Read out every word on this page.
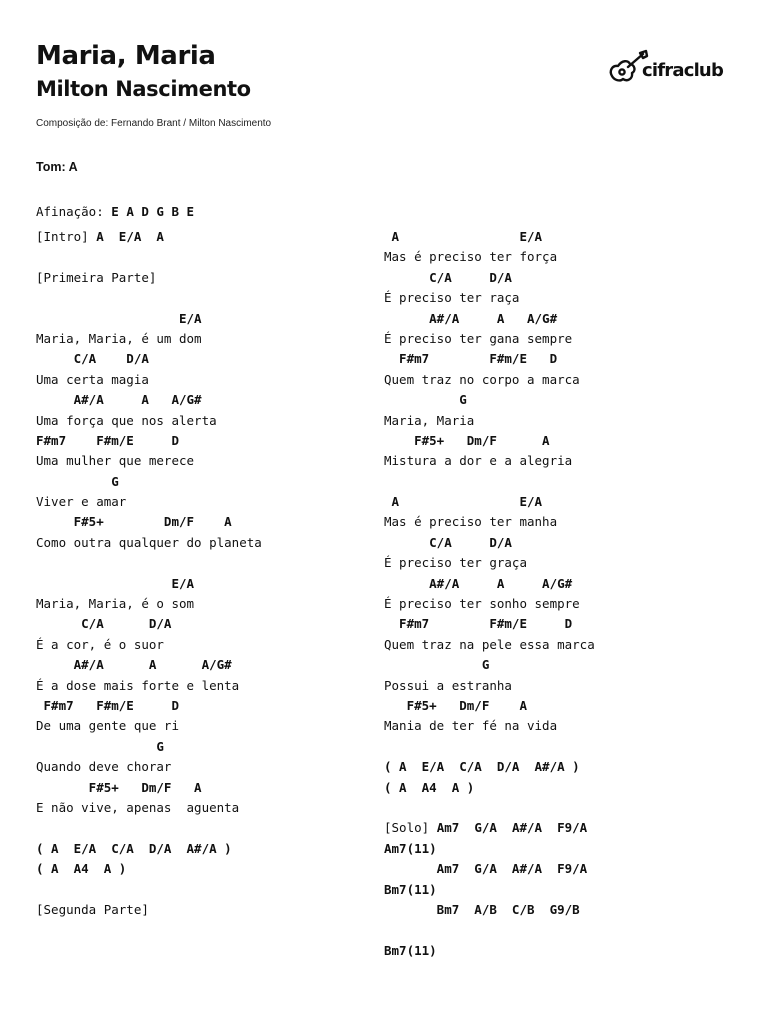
Maria, Maria
Milton Nascimento
Composição de: Fernando Brant / Milton Nascimento
cifraclub
Tom: A
Afinação: E A D G B E
[Intro] A  E/A  A
[Primeira Parte]
E/A
Maria, Maria, é um dom
C/A    D/A
Uma certa magia
A#/A     A   A/G#
Uma força que nos alerta
F#m7    F#m/E     D
Uma mulher que merece
G
Viver e amar
F#5+        Dm/F    A
Como outra qualquer do planeta
E/A
Maria, Maria, é o som
C/A      D/A
É a cor, é o suor
A#/A      A      A/G#
É a dose mais forte e lenta
F#m7   F#m/E     D
De uma gente que ri
G
Quando deve chorar
F#5+   Dm/F   A
E não vive, apenas  aguenta
( A  E/A  C/A  D/A  A#/A )
( A  A4  A )
[Segunda Parte]
A                E/A
Mas é preciso ter força
C/A     D/A
É preciso ter raça
A#/A     A   A/G#
É preciso ter gana sempre
F#m7        F#m/E   D
Quem traz no corpo a marca
G
Maria, Maria
F#5+   Dm/F      A
Mistura a dor e a alegria
A                E/A
Mas é preciso ter manha
C/A     D/A
É preciso ter graça
A#/A     A     A/G#
É preciso ter sonho sempre
F#m7        F#m/E     D
Quem traz na pele essa marca
G
Possui a estranha
F#5+   Dm/F    A
Mania de ter fé na vida
( A  E/A  C/A  D/A  A#/A )
( A  A4  A )
[Solo] Am7  G/A  A#/A  F9/A
Am7(11)
Am7  G/A  A#/A  F9/A
Bm7(11)
Bm7  A/B  C/B  G9/B
Bm7(11)
